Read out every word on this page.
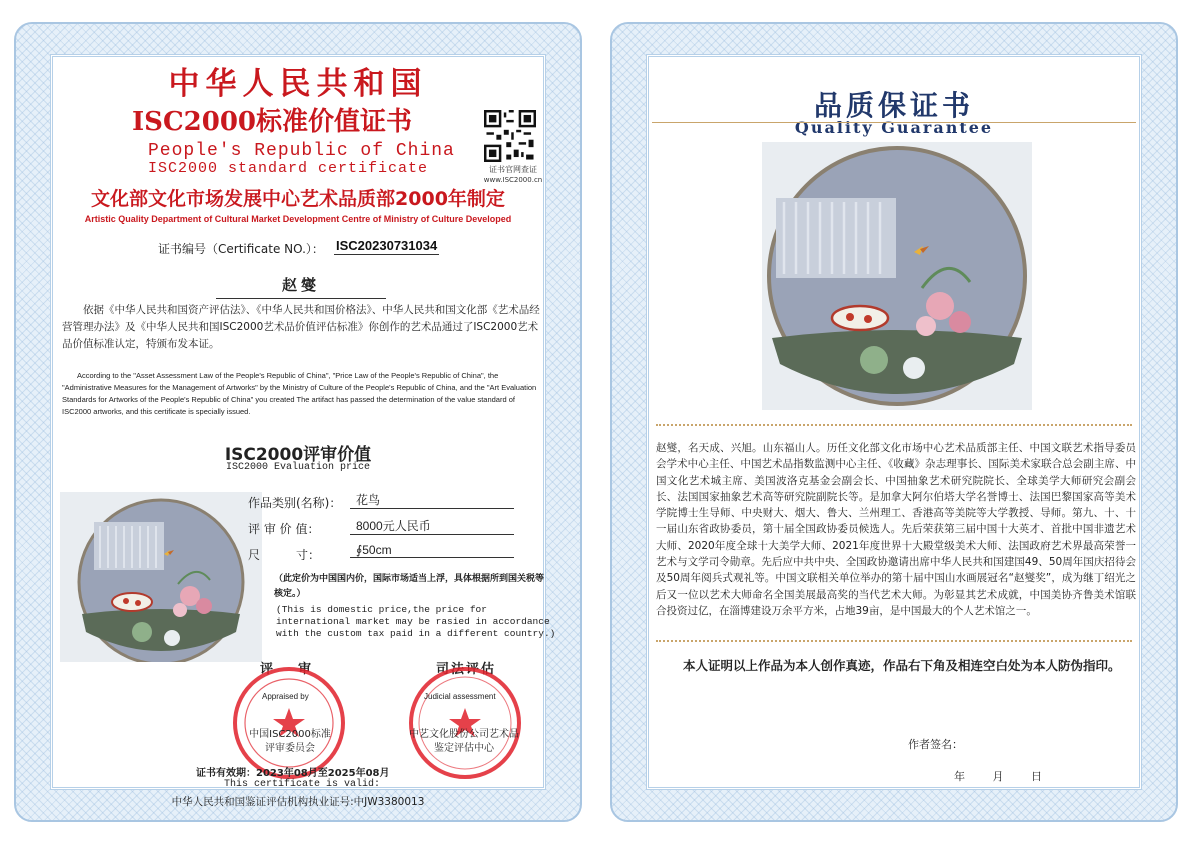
中华人民共和国
ISC2000标准价值证书
People's Republic of China
ISC2000 standard certificate	证书官网查证
www.ISC2000.cn
文化部文化市场发展中心艺术品质部2000年制定
Artistic Quality Department of Cultural Market Development Centre of Ministry of Culture Developed
证书编号（Certificate NO.）： ISC20230731034
赵燮
依据《中华人民共和国资产评估法》、《中华人民共和国价格法》、中华人民共和国文化部《艺术品经营管理办法》及《中华人民共和国ISC2000艺术品价值评估标准》你创作的艺术品通过了ISC2000艺术品价值标准认定，特颁布发本证。
According to the "Asset Assessment Law of the People's Republic of China", "Price Law of the People's Republic of China", the "Administrative Measures for the Management of Artworks" by the Ministry of Culture of the People's Republic of China, and the "Art Evaluation Standards for Artworks of the People's Republic of China" you created The artifact has passed the determination of the value standard of ISC2000 artworks, and this certificate is specially issued.
ISC2000评审价值
ISC2000 Evaluation price
作品类别(名称)：	花鸟
评 审 价 值：	8000元人民币
尺　　　寸：	∮50cm
（此定价为中国国内价，国际市场适当上浮，具体根据所到国关税等核定。）
(This is domestic price,the price for international market may be rasied in accordance with the custom tax paid in a different country.)
评　审	司法评估
Appraised by
中国ISC2000标准
评审委员会
Judicial assessment
中艺文化股份公司艺术品
鉴定评估中心
证书有效期：2023年08月至2025年08月
This certificate is valid:
中华人民共和国鉴证评估机构执业证号:中JW3380013
品质保证书
Quality Guarantee
赵燮，名天成、兴旭。山东福山人。历任文化部文化市场中心艺术品质部主任、中国文联艺术指导委员会学术中心主任、中国艺术品指数监测中心主任、《收藏》杂志理事长、国际美术家联合总会副主席、中国文化艺术城主席、美国波洛克基金会副会长、中国抽象艺术研究院院长、全球美学大师研究会副会长、法国国家抽象艺术高等研究院副院长等。是加拿大阿尔伯塔大学名誉博士、法国巴黎国家高等美术学院博士生导师、中央财大、烟大、鲁大、兰州理工、香港高等美院等大学教授、导师。第九、十、十一届山东省政协委员，第十届全国政协委员候选人。先后荣获第三届中国十大英才、首批中国非遗艺术大师、2020年度全球十大美学大师、2021年度世界十大殿堂级美术大师、法国政府艺术界最高荣誉一艺术与文学司令勋章。先后应中共中央、全国政协邀请出席中华人民共和国建国49、50周年国庆招待会及50周年阅兵式观礼等。中国文联相关单位举办的第十届中国山水画展冠名“赵燮奖”，成为继丁绍光之后又一位以艺术大师命名全国美展最高奖的当代艺术大师。为彰显其艺术成就，中国美协齐鲁美术馆联合投资过亿，在淄博建设万余平方米，占地39亩，是中国最大的个人艺术馆之一。
本人证明以上作品为本人创作真迹，作品右下角及相连空白处为本人防伪指印。
作者签名：
年 月 日
